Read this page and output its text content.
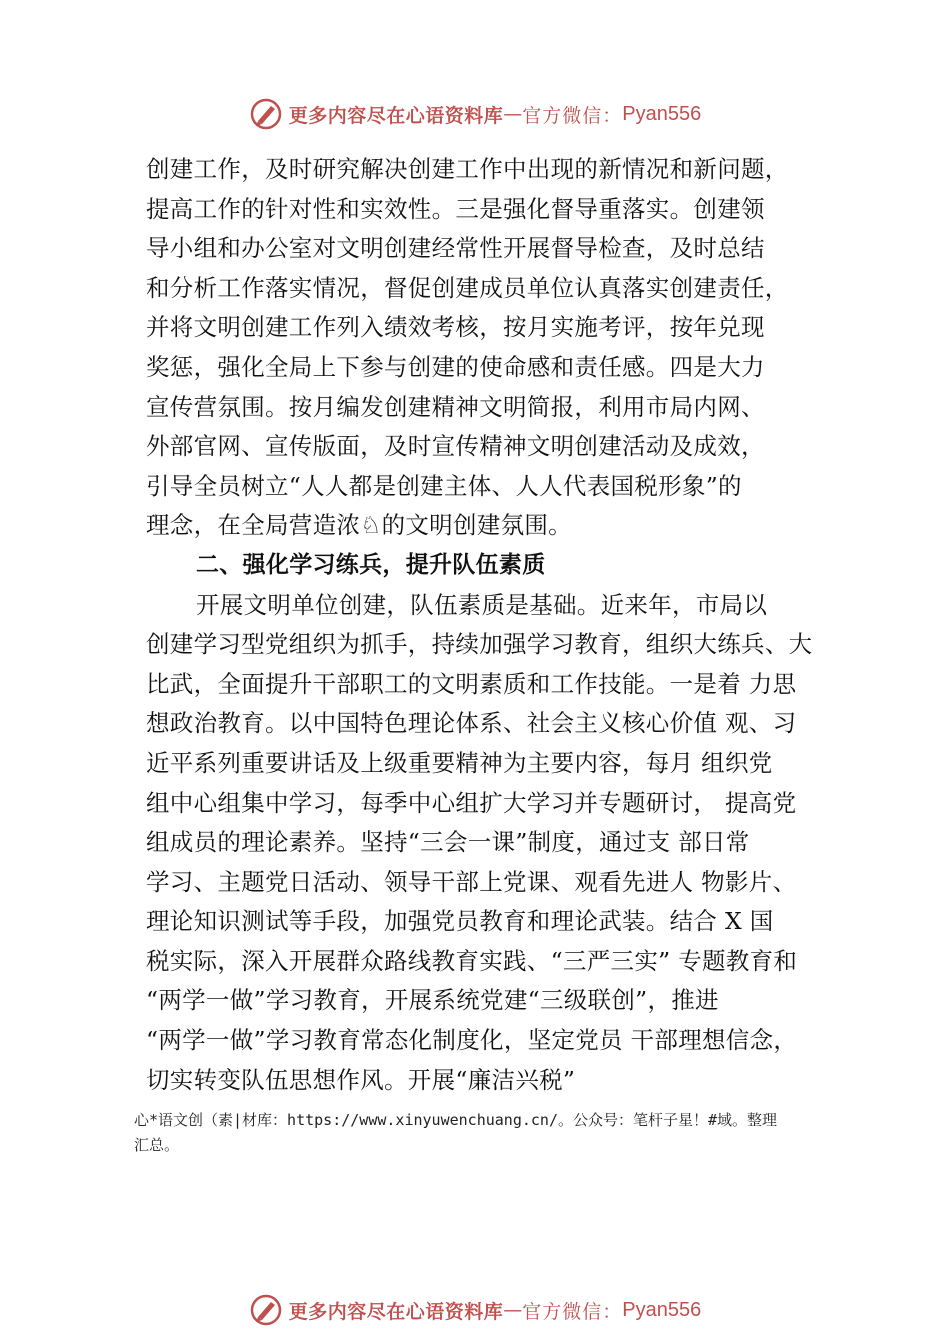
更多内容尽在心语资料库 — 官方微信： Pyan556
创建工作，及时研究解决创建工作中出现的新情况和新问题，
提高工作的针对性和实效性。三是强化督导重落实。创建领
导小组和办公室对文明创建经常性开展督导检查，及时总结
和分析工作落实情况，督促创建成员单位认真落实创建责任，
并将文明创建工作列入绩效考核，按月实施考评，按年兑现
奖惩，强化全局上下参与创建的使命感和责任感。四是大力
宣传营氛围。按月编发创建精神文明简报，利用市局内网、
外部官网、宣传版面，及时宣传精神文明创建活动及成效，
引导全员树立“人人都是创建主体、人人代表国税形象”的
理念，在全局营造浓♘的文明创建氛围。
二、强化学习练兵，提升队伍素质
开展文明单位创建，队伍素质是基础。近来年，市局以
创建学习型党组织为抓手，持续加强学习教育，组织大练兵、大
比武，全面提升干部职工的文明素质和工作技能。一是着 力思
想政治教育。以中国特色理论体系、社会主义核心价值 观、习
近平系列重要讲话及上级重要精神为主要内容，每月 组织党
组中心组集中学习，每季中心组扩大学习并专题研讨， 提高党
组成员的理论素养。坚持“三会一课”制度，通过支 部日常
学习、主题党日活动、领导干部上党课、观看先进人 物影片、
理论知识测试等手段，加强党员教育和理论武装。结合 X 国
税实际，深入开展群众路线教育实践、“三严三实” 专题教育和
“两学一做”学习教育，开展系统党建“三级联创”，推进
“两学一做”学习教育常态化制度化，坚定党员 干部理想信念，
切实转变队伍思想作风。开展“廉洁兴税”
心*语文创（素|材库：https://www.xinyuwenchuang.cn/。公众号：笔杆子星！#域。整理
汇总。
更多内容尽在心语资料库 — 官方微信： Pyan556
